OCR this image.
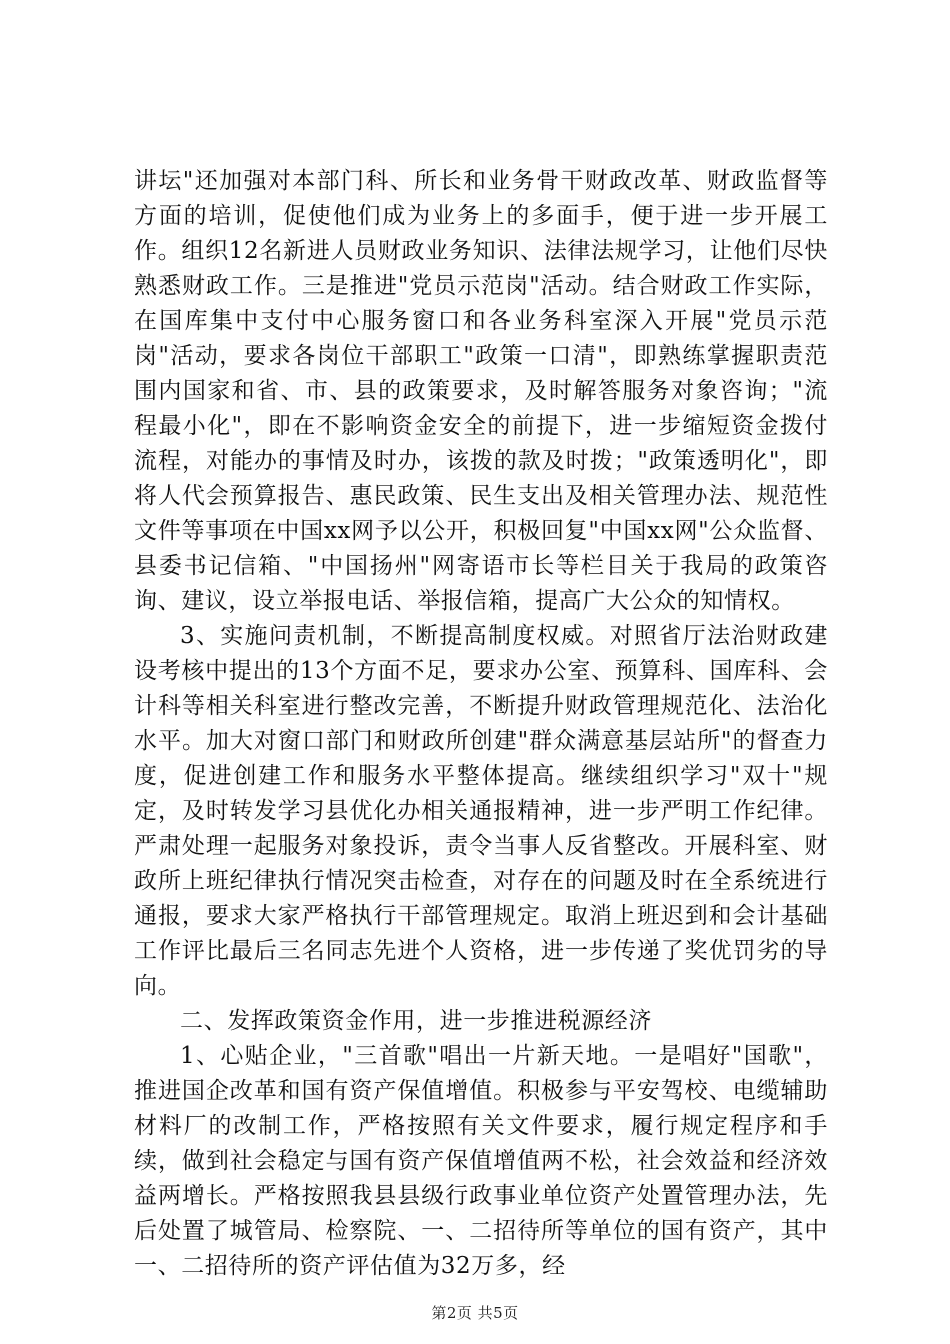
讲坛"还加强对本部门科、所长和业务骨干财政改革、财政监督等方面的培训，促使他们成为业务上的多面手，便于进一步开展工作。组织12名新进人员财政业务知识、法律法规学习，让他们尽快熟悉财政工作。三是推进"党员示范岗"活动。结合财政工作实际，在国库集中支付中心服务窗口和各业务科室深入开展"党员示范岗"活动，要求各岗位干部职工"政策一口清"，即熟练掌握职责范围内国家和省、市、县的政策要求，及时解答服务对象咨询；"流程最小化"，即在不影响资金安全的前提下，进一步缩短资金拨付流程，对能办的事情及时办，该拨的款及时拨；"政策透明化"，即将人代会预算报告、惠民政策、民生支出及相关管理办法、规范性文件等事项在中国xx网予以公开，积极回复"中国xx网"公众监督、县委书记信箱、"中国扬州"网寄语市长等栏目关于我局的政策咨询、建议，设立举报电话、举报信箱，提高广大公众的知情权。

3、实施问责机制，不断提高制度权威。对照省厅法治财政建设考核中提出的13个方面不足，要求办公室、预算科、国库科、会计科等相关科室进行整改完善，不断提升财政管理规范化、法治化水平。加大对窗口部门和财政所创建"群众满意基层站所"的督查力度，促进创建工作和服务水平整体提高。继续组织学习"双十"规定，及时转发学习县优化办相关通报精神，进一步严明工作纪律。严肃处理一起服务对象投诉，责令当事人反省整改。开展科室、财政所上班纪律执行情况突击检查，对存在的问题及时在全系统进行通报，要求大家严格执行干部管理规定。取消上班迟到和会计基础工作评比最后三名同志先进个人资格，进一步传递了奖优罚劣的导向。

二、发挥政策资金作用，进一步推进税源经济

1、心贴企业，"三首歌"唱出一片新天地。一是唱好"国歌"，推进国企改革和国有资产保值增值。积极参与平安驾校、电缆辅助材料厂的改制工作，严格按照有关文件要求，履行规定程序和手续，做到社会稳定与国有资产保值增值两不松，社会效益和经济效益两增长。严格按照我县县级行政事业单位资产处置管理办法，先后处置了城管局、检察院、一、二招待所等单位的国有资产，其中一、二招待所的资产评估值为32万多，经

第2页 共5页
